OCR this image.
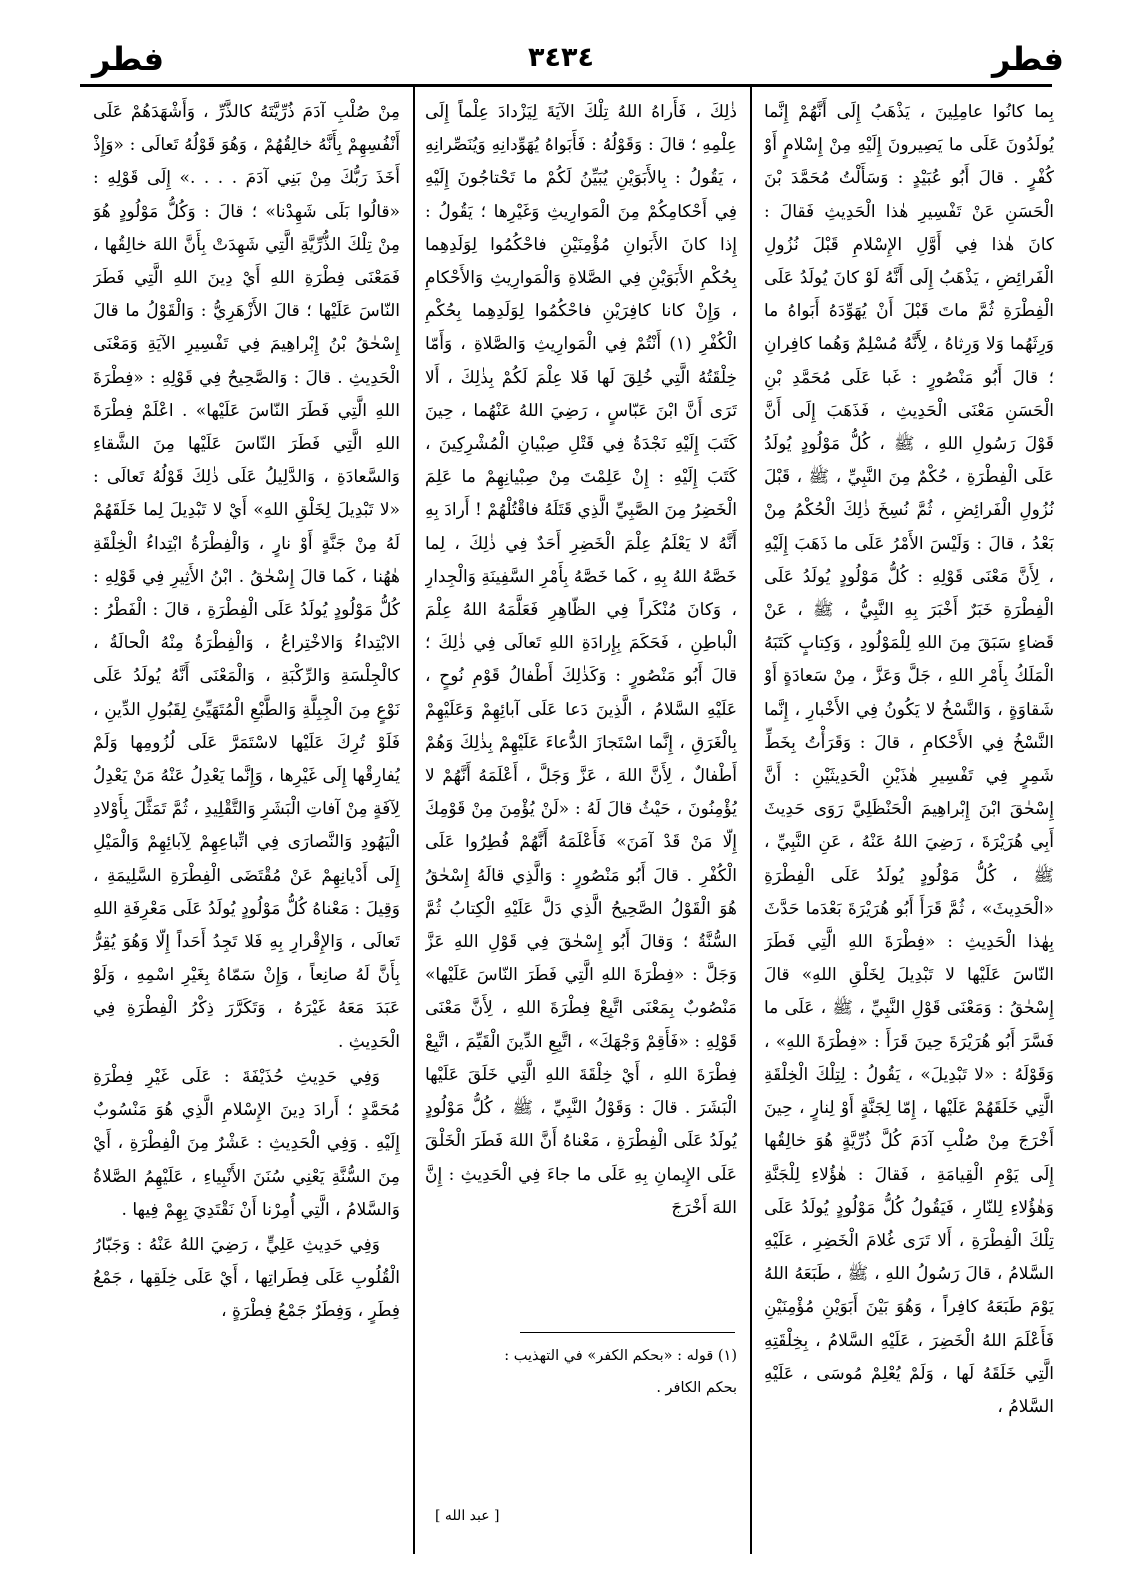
فطر
٣٤٣٤
فطر

بِما كانُوا عامِلِينَ ، يَذْهَبُ إِلَى أَنَّهُمْ إِنَّما يُولَدُونَ عَلَى ما يَصِيرونَ إِلَيْهِ مِنْ إِسْلامٍ أَوْ كُفْرٍ . قالَ أَبُو عُبَيْدٍ : وَسَأَلْتُ مُحَمَّدَ بْنَ الْحَسَنِ عَنْ تَفْسِيرِ هٰذا الْحَدِيثِ فَقالَ : كانَ هٰذا فِي أَوَّلِ الإِسْلامِ قَبْلَ نُزُولِ الْفَرائِضِ ، يَذْهَبُ إِلَى أَنَّهُ لَوْ كانَ يُولَدُ عَلَى الْفِطْرَةِ ثُمَّ ماتَ قَبْلَ أَنْ يُهَوِّدَهُ أَبَواهُ ما وَرِثَهُما وَلا وَرِثاهُ ، لِأَنَّهُ مُسْلِمٌ وَهُما كافِرانِ ؛ قالَ أَبُو مَنْصُورٍ : غَبا عَلَى مُحَمَّدِ بْنِ الْحَسَنِ مَعْنَى الْحَدِيثِ ، فَذَهَبَ إِلَى أَنَّ قَوْلَ رَسُولِ اللهِ ، ﷺ ، كُلُّ مَوْلُودٍ يُولَدُ عَلَى الْفِطْرَةِ ، حُكْمٌ مِنَ النَّبِيِّ ، ﷺ ، قَبْلَ نُزُولِ الْفَرائِضِ ، ثُمَّ نُسِخَ ذٰلِكَ الْحُكْمُ مِنْ بَعْدُ ، قالَ : وَلَيْسَ الأَمْرُ عَلَى ما ذَهَبَ إِلَيْهِ ، لِأَنَّ مَعْنَى قَوْلِهِ : كُلُّ مَوْلُودٍ يُولَدُ عَلَى الْفِطْرَةِ خَبَرٌ أَخْبَرَ بِهِ النَّبِيُّ ، ﷺ ، عَنْ قَضاءٍ سَبَقَ مِنَ اللهِ لِلْمَوْلُودِ ، وَكِتابٍ كَتَبَهُ الْمَلَكُ بِأَمْرِ اللهِ ، جَلَّ وَعَزَّ ، مِنْ سَعادَةٍ أَوْ شَقاوَةٍ ، وَالنَّسْخُ لا يَكُونُ فِي الأَخْبارِ ، إِنَّما النَّسْخُ فِي الأَحْكامِ ، قالَ : وَقَرَأْتُ بِخَطِّ شَمِرٍ فِي تَفْسِيرِ هٰذَيْنِ الْحَدِيثَيْنِ : أَنَّ إِسْحٰقَ ابْنَ إِبْراهِيمَ الْحَنْظَلِيَّ رَوَى حَدِيثَ أَبِي هُرَيْرَةَ ، رَضِيَ اللهُ عَنْهُ ، عَنِ النَّبِيِّ ، ﷺ ، كُلُّ مَوْلُودٍ يُولَدُ عَلَى الْفِطْرَةِ «الْحَدِيثَ» ، ثُمَّ قَرَأَ أَبُو هُرَيْرَةَ بَعْدَما حَدَّثَ بِهٰذا الْحَدِيثِ : «فِطْرَةَ اللهِ الَّتِي فَطَرَ النّاسَ عَلَيْها لا تَبْدِيلَ لِخَلْقِ اللهِ» قالَ إِسْحٰقُ : وَمَعْنَى قَوْلِ النَّبِيِّ ، ﷺ ، عَلَى ما فَسَّرَ أَبُو هُرَيْرَةَ حِينَ قَرَأَ : «فِطْرَةَ اللهِ» ، وَقَوْلَهُ : «لا تَبْدِيلَ» ، يَقُولُ : لِتِلْكَ الْخِلْقَةِ الَّتِي خَلَقَهُمْ عَلَيْها ، إِمّا لِجَنَّةٍ أَوْ لِنارٍ ، حِينَ أَخْرَجَ مِنْ صُلْبِ آدَمَ كُلَّ ذُرِّيَّةٍ هُوَ خالِقُها إِلَى يَوْمِ الْقِيامَةِ ، فَقالَ : هٰؤُلاءِ لِلْجَنَّةِ وَهٰؤُلاءِ لِلنّارِ ، فَيَقُولُ كُلُّ مَوْلُودٍ يُولَدُ عَلَى تِلْكَ الْفِطْرَةِ ، أَلا تَرَى غُلامَ الْخَضِرِ ، عَلَيْهِ السَّلامُ ، قالَ رَسُولُ اللهِ ، ﷺ ، طَبَعَهُ اللهُ يَوْمَ طَبَعَهُ كافِراً ، وَهُوَ بَيْنَ أَبَوَيْنِ مُؤْمِنَيْنِ فَأَعْلَمَ اللهُ الْخَضِرَ ، عَلَيْهِ السَّلامُ ، بِخِلْقَتِهِ الَّتِي خَلَقَهُ لَها ، وَلَمْ يُعْلِمْ مُوسَى ، عَلَيْهِ السَّلامُ ،

ذٰلِكَ ، فَأَراهُ اللهُ تِلْكَ الآيَةَ لِيَزْدادَ عِلْماً إِلَى عِلْمِهِ ؛ قالَ : وَقَوْلُهُ : فَأَبَواهُ يُهَوِّدانِهِ وَيُنَصِّرانِهِ ، يَقُولُ : بِالأَبَوَيْنِ يُبَيِّنُ لَكُمْ ما تَحْتاجُونَ إِلَيْهِ فِي أَحْكامِكُمْ مِنَ الْمَوارِيثِ وَغَيْرِها ؛ يَقُولُ : إِذا كانَ الأَبَوانِ مُؤْمِنَيْنِ فاحْكُمُوا لِوَلَدِهِما بِحُكْمِ الأَبَوَيْنِ فِي الصَّلاةِ وَالْمَوارِيثِ وَالأَحْكامِ ، وَإِنْ كانا كافِرَيْنِ فاحْكُمُوا لِوَلَدِهِما بِحُكْمِ الْكُفْرِ (١) أَنْتُمْ فِي الْمَوارِيثِ وَالصَّلاةِ ، وَأَمّا خِلْقَتُهُ الَّتِي خُلِقَ لَها فَلا عِلْمَ لَكُمْ بِذٰلِكَ ، أَلا تَرَى أَنَّ ابْنَ عَبّاسٍ ، رَضِيَ اللهُ عَنْهُما ، حِينَ كَتَبَ إِلَيْهِ نَجْدَةُ فِي قَتْلِ صِبْيانِ الْمُشْرِكِينَ ، كَتَبَ إِلَيْهِ : إِنْ عَلِمْتَ مِنْ صِبْيانِهِمْ ما عَلِمَ الْخَضِرُ مِنَ الصَّبِيِّ الَّذِي قَتَلَهُ فاقْتُلْهُمْ ! أَرادَ بِهِ أَنَّهُ لا يَعْلَمُ عِلْمَ الْخَضِرِ أَحَدٌ فِي ذٰلِكَ ، لِما خَصَّهُ اللهُ بِهِ ، كَما خَصَّهُ بِأَمْرِ السَّفِينَةِ وَالْجِدارِ ، وَكانَ مُنْكَراً فِي الظّاهِرِ فَعَلَّمَهُ اللهُ عِلْمَ الْباطِنِ ، فَحَكَمَ بِإِرادَةِ اللهِ تَعالَى فِي ذٰلِكَ ؛ قالَ أَبُو مَنْصُورٍ : وَكَذٰلِكَ أَطْفالُ قَوْمِ نُوحٍ ، عَلَيْهِ السَّلامُ ، الَّذِينَ دَعا عَلَى آبائِهِمْ وَعَلَيْهِمْ بِالْغَرَقِ ، إِنَّما اسْتَجازَ الدُّعاءَ عَلَيْهِمْ بِذٰلِكَ وَهُمْ أَطْفالٌ ، لِأَنَّ اللهَ ، عَزَّ وَجَلَّ ، أَعْلَمَهُ أَنَّهُمْ لا يُؤْمِنُونَ ، حَيْثُ قالَ لَهُ : «لَنْ يُؤْمِنَ مِنْ قَوْمِكَ إِلّا مَنْ قَدْ آمَنَ» فَأَعْلَمَهُ أَنَّهُمْ فُطِرُوا عَلَى الْكُفْرِ . قالَ أَبُو مَنْصُورٍ : وَالَّذِي قالَهُ إِسْحٰقُ هُوَ الْقَوْلُ الصَّحِيحُ الَّذِي دَلَّ عَلَيْهِ الْكِتابُ ثُمَّ السُّنَّةُ ؛ وَقالَ أَبُو إِسْحٰقَ فِي قَوْلِ اللهِ عَزَّ وَجَلَّ : «فِطْرَةَ اللهِ الَّتِي فَطَرَ النّاسَ عَلَيْها» مَنْصُوبٌ بِمَعْنَى اتَّبِعْ فِطْرَةَ اللهِ ، لِأَنَّ مَعْنَى قَوْلِهِ : «فَأَقِمْ وَجْهَكَ» ، اتَّبِعِ الدِّينَ الْقَيِّمَ ، اتَّبِعْ فِطْرَةَ اللهِ ، أَيْ خِلْقَةَ اللهِ الَّتِي خَلَقَ عَلَيْها الْبَشَرَ . قالَ : وَقَوْلُ النَّبِيِّ ، ﷺ ، كُلُّ مَوْلُودٍ يُولَدُ عَلَى الْفِطْرَةِ ، مَعْناهُ أَنَّ اللهَ فَطَرَ الْخَلْقَ عَلَى الإِيمانِ بِهِ عَلَى ما جاءَ فِي الْحَدِيثِ : إِنَّ اللهَ أَخْرَجَ

مِنْ صُلْبِ آدَمَ ذُرِّيَّتَهُ كالذَّرِّ ، وَأَشْهَدَهُمْ عَلَى أَنْفُسِهِمْ بِأَنَّهُ خالِقُهُمْ ، وَهُوَ قَوْلُهُ تَعالَى : «وَإِذْ أَخَذَ رَبُّكَ مِنْ بَنِي آدَمَ . . . .» إِلَى قَوْلِهِ : «قالُوا بَلَى شَهِدْنا» ؛ قالَ : وَكُلُّ مَوْلُودٍ هُوَ مِنْ تِلْكَ الذُّرِّيَّةِ الَّتِي شَهِدَتْ بِأَنَّ اللهَ خالِقُها ، فَمَعْنَى فِطْرَةِ اللهِ أَيْ دِينَ اللهِ الَّتِي فَطَرَ النّاسَ عَلَيْها ؛ قالَ الأَزْهَرِيُّ : وَالْقَوْلُ ما قالَ إِسْحٰقُ بْنُ إِبْراهِيمَ فِي تَفْسِيرِ الآيَةِ وَمَعْنَى الْحَدِيثِ . قالَ : وَالصَّحِيحُ فِي قَوْلِهِ : «فِطْرَةَ اللهِ الَّتِي فَطَرَ النّاسَ عَلَيْها» . اعْلَمْ فِطْرَةَ اللهِ الَّتِي فَطَرَ النّاسَ عَلَيْها مِنَ الشَّقاءِ وَالسَّعادَةِ ، وَالدَّلِيلُ عَلَى ذٰلِكَ قَوْلُهُ تَعالَى : «لا تَبْدِيلَ لِخَلْقِ اللهِ» أَيْ لا تَبْدِيلَ لِما خَلَقَهُمْ لَهُ مِنْ جَنَّةٍ أَوْ نارٍ ، وَالْفِطْرَةُ ابْتِداءُ الْخِلْقَةِ هٰهُنا ، كَما قالَ إِسْحٰقُ . ابْنُ الأَثِيرِ فِي قَوْلِهِ : كُلُّ مَوْلُودٍ يُولَدُ عَلَى الْفِطْرَةِ ، قالَ : الْفَطْرُ : الابْتِداءُ وَالاخْتِراعُ ، وَالْفِطْرَةُ مِنْهُ الْحالَةُ ، كالْجِلْسَةِ وَالرِّكْبَةِ ، وَالْمَعْنَى أَنَّهُ يُولَدُ عَلَى نَوْعٍ مِنَ الْجِبِلَّةِ وَالطَّبْعِ الْمُتَهَيِّئِ لِقَبُولِ الدِّينِ ، فَلَوْ تُرِكَ عَلَيْها لاسْتَمَرَّ عَلَى لُزُومِها وَلَمْ يُفارِقْها إِلَى غَيْرِها ، وَإِنَّما يَعْدِلُ عَنْهُ مَنْ يَعْدِلُ لِآفَةٍ مِنْ آفاتِ الْبَشَرِ وَالتَّقْلِيدِ ، ثُمَّ تَمَثَّلَ بِأَوْلادِ الْيَهُودِ وَالنَّصارَى فِي اتِّباعِهِمْ لِآبائِهِمْ وَالْمَيْلِ إِلَى أَدْيانِهِمْ عَنْ مُقْتَضَى الْفِطْرَةِ السَّلِيمَةِ ، وَقِيلَ : مَعْناهُ كُلُّ مَوْلُودٍ يُولَدُ عَلَى مَعْرِفَةِ اللهِ تَعالَى ، وَالإِقْرارِ بِهِ فَلا تَجِدُ أَحَداً إِلّا وَهُوَ يُقِرُّ بِأَنَّ لَهُ صانِعاً ، وَإِنْ سَمّاهُ بِغَيْرِ اسْمِهِ ، وَلَوْ عَبَدَ مَعَهُ غَيْرَهُ ، وَتَكَرَّرَ ذِكْرُ الْفِطْرَةِ فِي الْحَدِيثِ .

وَفِي حَدِيثِ حُذَيْفَةَ : عَلَى غَيْرِ فِطْرَةِ مُحَمَّدٍ ؛ أَرادَ دِينَ الإِسْلامِ الَّذِي هُوَ مَنْسُوبٌ إِلَيْهِ . وَفِي الْحَدِيثِ : عَشْرٌ مِنَ الْفِطْرَةِ ، أَيْ مِنَ السُّنَّةِ يَعْنِي سُنَنَ الأَنْبِياءِ ، عَلَيْهِمُ الصَّلاةُ وَالسَّلامُ ، الَّتِي أُمِرْنا أَنْ نَقْتَدِيَ بِهِمْ فِيها .

وَفِي حَدِيثِ عَلِيٍّ ، رَضِيَ اللهُ عَنْهُ : وَجَبّارُ الْقُلُوبِ عَلَى فِطَراتِها ، أَيْ عَلَى خِلَقِها ، جَمْعُ فِطَرٍ ، وَفِطَرٌ جَمْعُ فِطْرَةٍ ،

(١) قوله : «بحكم الكفر» في التهذيب :
بحكم الكافر .
[ عبد الله ]
